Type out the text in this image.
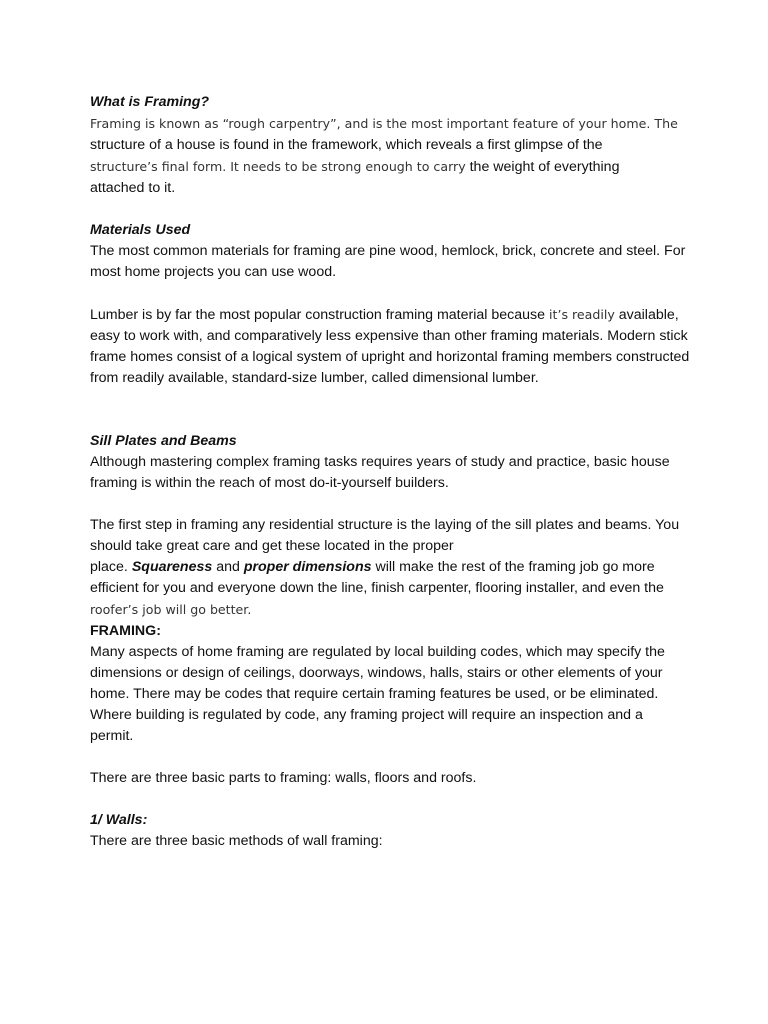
What is Framing?

Framing is known as “rough carpentry”, and is the most important feature of your home. The
structure of a house is found in the framework, which reveals a first glimpse of the
structure’s final form. It needs to be strong enough to carry the weight of everything
attached to it.

Materials Used

The most common materials for framing are pine wood, hemlock, brick, concrete and steel. For most home projects you can use wood.

Lumber is by far the most popular construction framing material because it’s readily available, easy to work with, and comparatively less expensive than other framing materials. Modern stick frame homes consist of a logical system of upright and horizontal framing members constructed from readily available, standard-size lumber, called dimensional lumber.

Sill Plates and Beams

Although mastering complex framing tasks requires years of study and practice, basic house framing is within the reach of most do-it-yourself builders.

The first step in framing any residential structure is the laying of the sill plates and beams. You should take great care and get these located in the proper
place. Squareness and proper dimensions will make the rest of the framing job go more efficient for you and everyone down the line, finish carpenter, flooring installer, and even the
roofer’s job will go better.

FRAMING:

Many aspects of home framing are regulated by local building codes, which may specify the dimensions or design of ceilings, doorways, windows, halls, stairs or other elements of your home. There may be codes that require certain framing features be used, or be eliminated. Where building is regulated by code, any framing project will require an inspection and a permit.

There are three basic parts to framing: walls, floors and roofs.

1/ Walls:

There are three basic methods of wall framing:
